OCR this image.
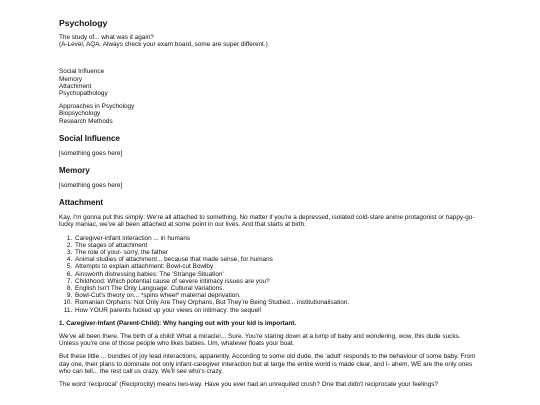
Psychology

The study of... what was it again?

(A-Level, AQA. Always check your exam board, some are super different.)

Social Influence
Memory
Attachment
Psychopathology
Approaches in Psychology
Biopsychology
Research Methods
Social Influence

[something goes here]

Memory

[something goes here]

Attachment

Kay, I'm gonna put this simply: We're all attached to something. No matter if you're a depressed, isolated cold-stare anime protagonist or happy-go-lucky maniac, we've all been attached at some point in our lives. And that starts at birth.

1. Caregiver-infant interaction ... in humans
2. The stages of attachment
3. The role of your- sorry, the father
4. Animal studies of attachment... because that made sense, for humans
5. Attempts to explain attachment: Bowl-cut Bowlby
6. Ainsworth distressing babies: The 'Strange Situation'
7. Childhood: Which potential cause of severe intimacy issues are you?
8. English Isn't The Only Language: Cultural Variations.
9. Bowl-Cut's theory on... *spins wheel* maternal deprivation.
10. Romanian Orphans: Not Only Are They Orphans, But They're Being Studied... institutionalisation.
11. How YOUR parents fucked up your views on intimacy: the sequel!

1. Caregiver-Infant (Parent-Child): Why hanging out with your kid is important.

We've all been there. The birth of a child! What a miracle!... Sure. You're staring down at a lump of baby and wondering, wow, this dude sucks. Unless you're one of those people who likes babies. Um, whatever floats your boat.

But these little ... bundles of joy lead interactions, apparently. According to some old dude, the 'adult' responds to the behaviour of some baby. From day one, their plans to dominate not only infant-caregiver interaction but at large the entire world is made clear, and I- ahem, WE are the only ones who can tell... the rest call us crazy. We'll see who's crazy.

The word 'reciprocal' (Reciprocity) means two-way. Have you ever had an unrequited crush? One that didn't reciprocate your feelings?
